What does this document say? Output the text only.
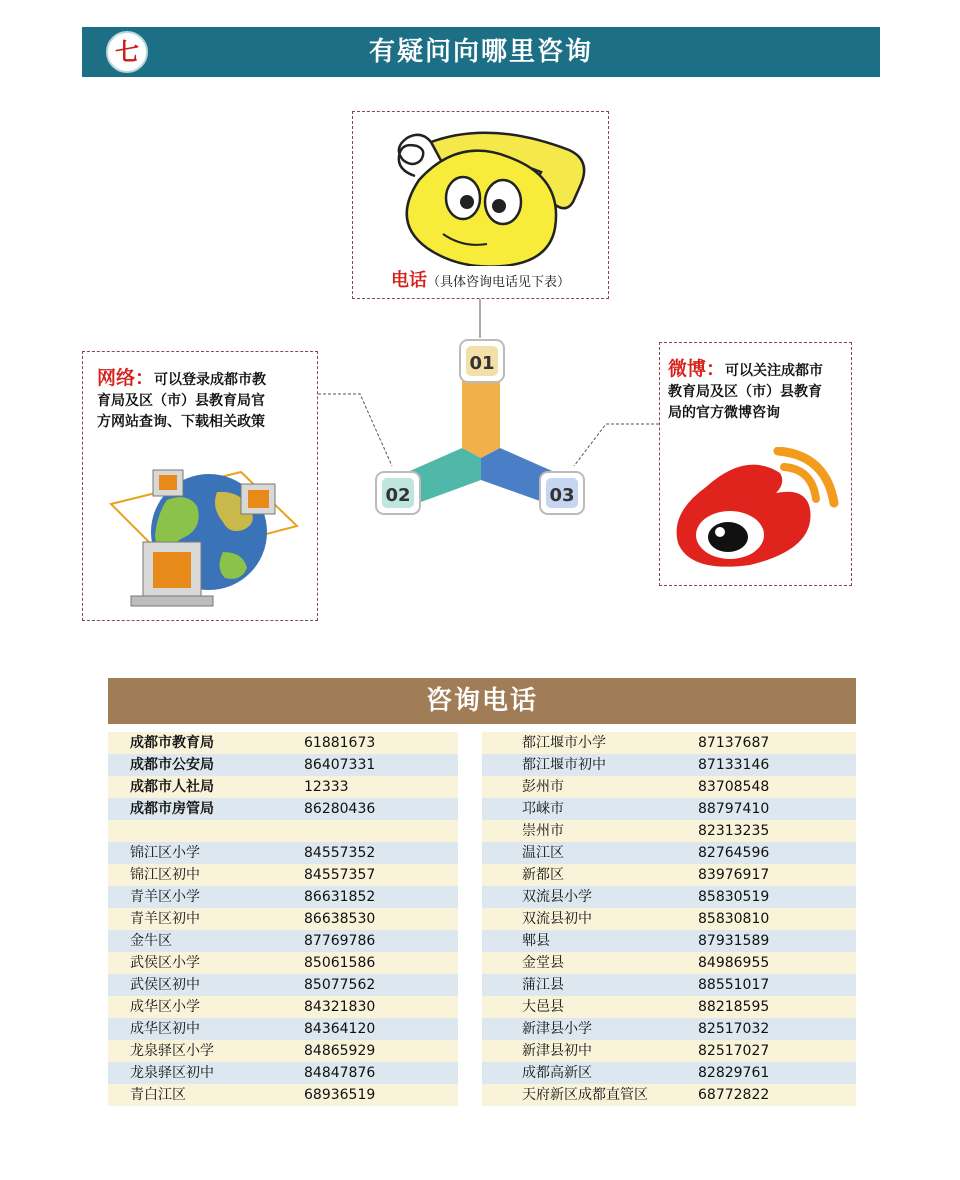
七	有疑问向哪里咨询
电话（具体咨询电话见下表）
网络：可以登录成都市教
育局及区（市）县教育局官
方网站查询、下载相关政策
微博：可以关注成都市
教育局及区（市）县教育
局的官方微博咨询
01
02	03
咨询电话
成都市教育局	61881673
成都市公安局	86407331
成都市人社局	12333
成都市房管局	86280436
锦江区小学	84557352
锦江区初中	84557357
青羊区小学	86631852
青羊区初中	86638530
金牛区	87769786
武侯区小学	85061586
武侯区初中	85077562
成华区小学	84321830
成华区初中	84364120
龙泉驿区小学	84865929
龙泉驿区初中	84847876
青白江区	68936519
都江堰市小学	87137687
都江堰市初中	87133146
彭州市	83708548
邛崃市	88797410
崇州市	82313235
温江区	82764596
新都区	83976917
双流县小学	85830519
双流县初中	85830810
郫县	87931589
金堂县	84986955
蒲江县	88551017
大邑县	88218595
新津县小学	82517032
新津县初中	82517027
成都高新区	82829761
天府新区成都直管区	68772822
